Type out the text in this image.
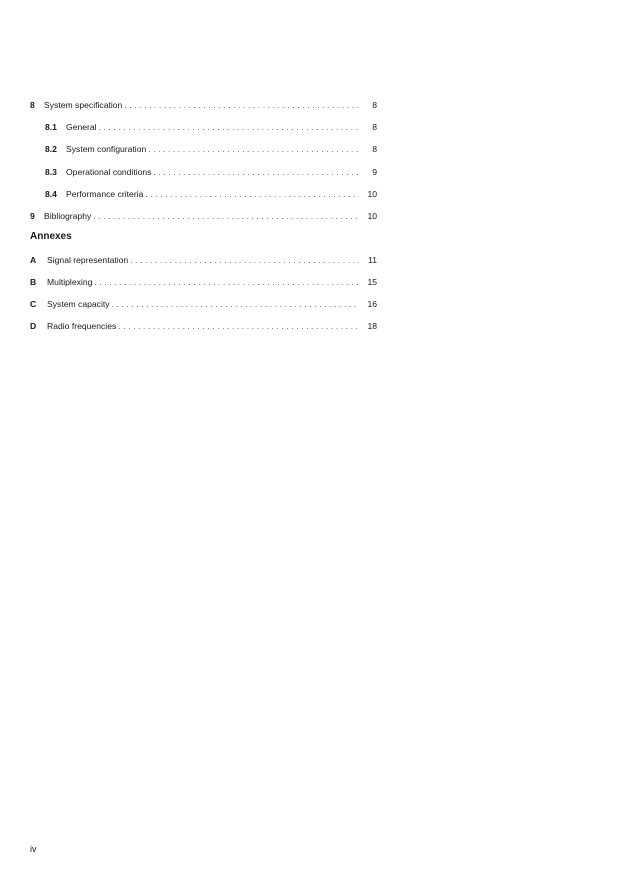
8	System specification . . .	8
8.1	General . . .	8
8.2	System configuration . . .	8
8.3	Operational conditions . . .	9
8.4	Performance criteria . . .	10
9	Bibliography . . .	10
Annexes
A	Signal representation . . .	11
B	Multiplexing . . .	15
C	System capacity . . .	16
D	Radio frequencies . . .	18
iv
